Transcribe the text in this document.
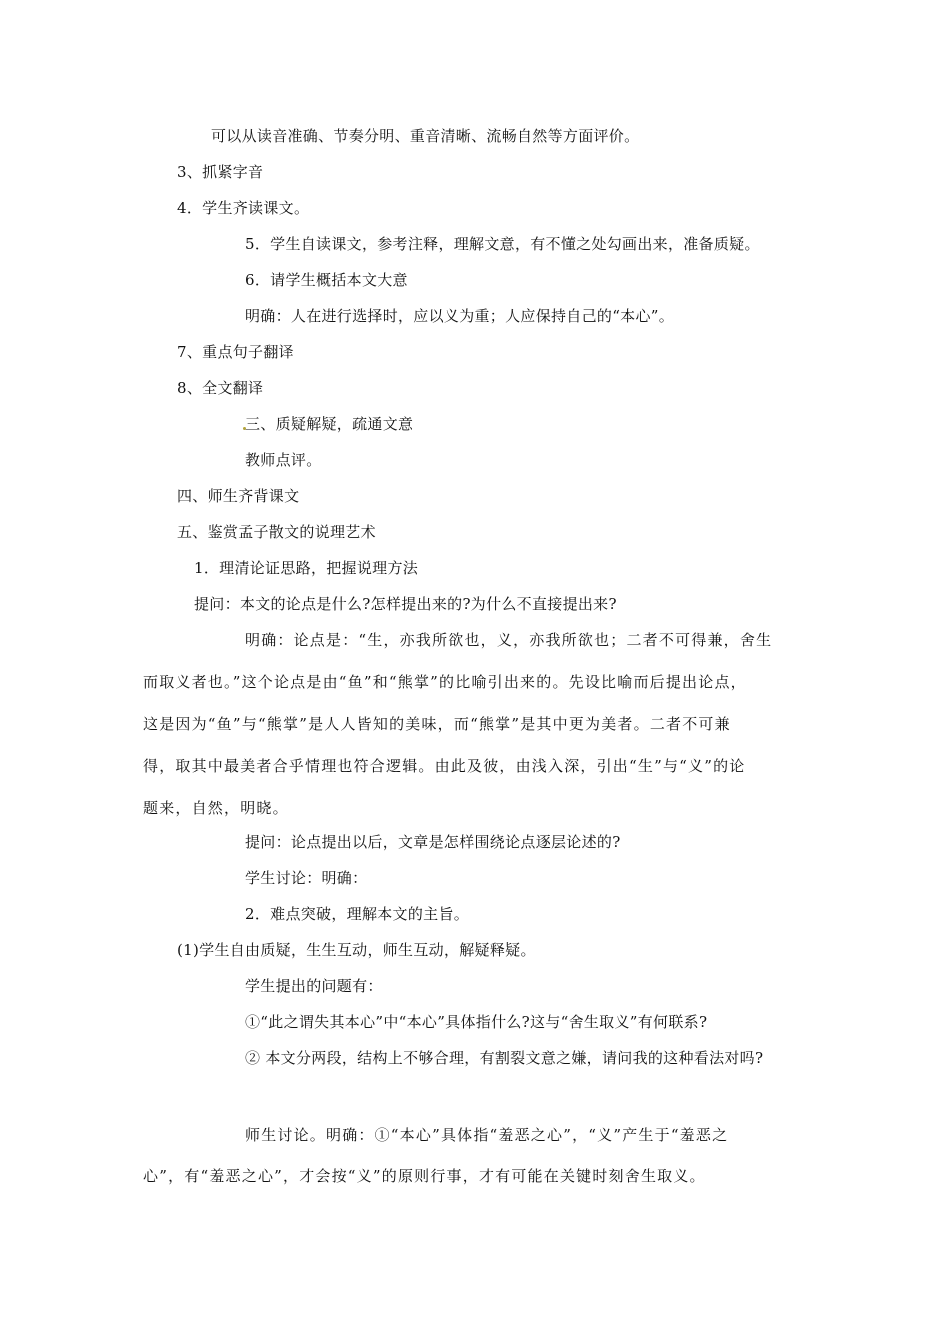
可以从读音准确、节奏分明、重音清晰、流畅自然等方面评价。
3、抓紧字音
4．学生齐读课文。
5．学生自读课文，参考注释，理解文意，有不懂之处勾画出来，准备质疑。
6．请学生概括本文大意
明确：人在进行选择时，应以义为重；人应保持自己的“本心”。
7、重点句子翻译
8、全文翻译
三、质疑解疑，疏通文意
教师点评。
四、师生齐背课文
五、鉴赏孟子散文的说理艺术
1．理清论证思路，把握说理方法
提问：本文的论点是什么?怎样提出来的?为什么不直接提出来?
明确：论点是：“生，亦我所欲也，义，亦我所欲也；二者不可得兼，舍生
而取义者也。”这个论点是由“鱼”和“熊掌”的比喻引出来的。先设比喻而后提出论点，
这是因为“鱼”与“熊掌”是人人皆知的美味，而“熊掌”是其中更为美者。二者不可兼
得，取其中最美者合乎情理也符合逻辑。由此及彼，由浅入深，引出“生”与“义”的论
题来，自然，明晓。
提问：论点提出以后，文章是怎样围绕论点逐层论述的?
学生讨论：明确：
2．难点突破，理解本文的主旨。
(1)学生自由质疑，生生互动，师生互动，解疑释疑。
学生提出的问题有：
①“此之谓失其本心”中“本心”具体指什么?这与“舍生取义”有何联系?
② 本文分两段，结构上不够合理，有割裂文意之嫌，请问我的这种看法对吗?
师生讨论。明确：①“本心”具体指“羞恶之心”，“义”产生于“羞恶之
心”，有“羞恶之心”，才会按“义”的原则行事，才有可能在关键时刻舍生取义。
